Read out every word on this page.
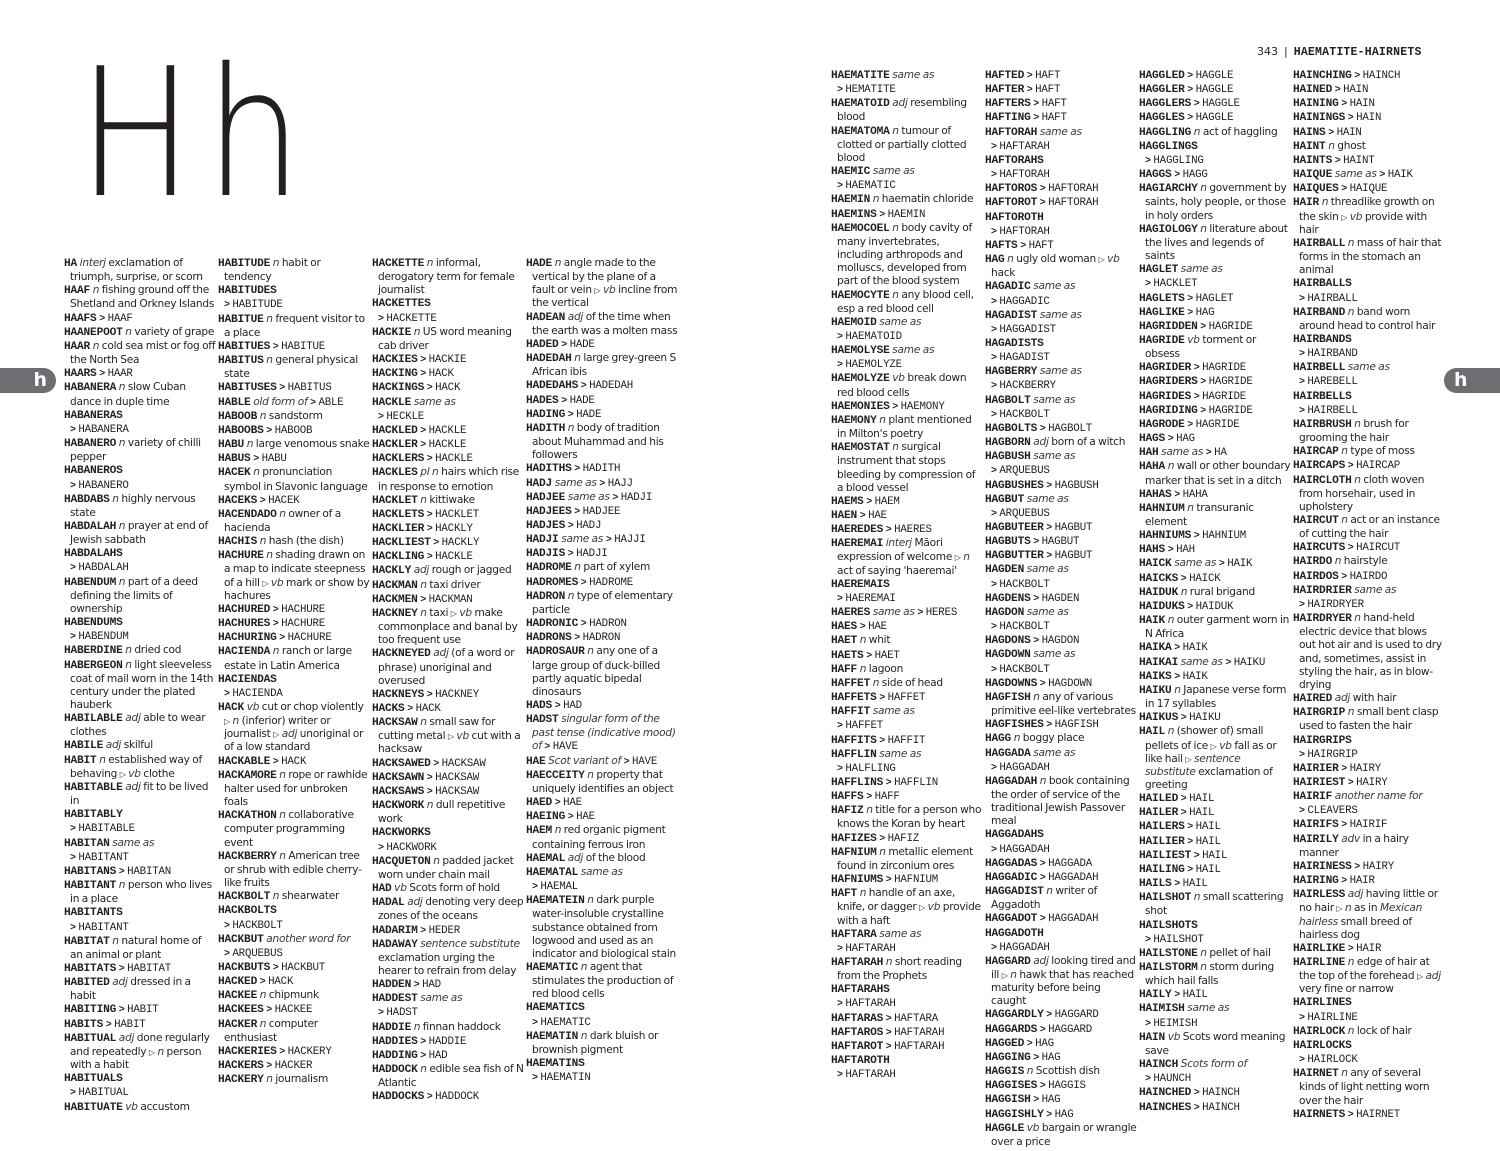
Hh
h	h
343 | HAEMATITE-HAIRNETS
HA interj exclamation of triumph, surprise, or scorn
HAAF n fishing ground off the Shetland and Orkney Islands
HAAFS > HAAF
HAANEPOOT n variety of grape
HAAR n cold sea mist or fog off the North Sea
HAARS > HAAR
HABANERA n slow Cuban dance in duple time
HABANERAS
> HABANERA
HABANERO n variety of chilli pepper
HABANEROS
> HABANERO
HABDABS n highly nervous state
HABDALAH n prayer at end of Jewish sabbath
HABDALAHS
> HABDALAH
HABENDUM n part of a deed defining the limits of ownership
HABENDUMS
> HABENDUM
HABERDINE n dried cod
HABERGEON n light sleeveless coat of mail worn in the 14th century under the plated hauberk
HABILABLE adj able to wear clothes
HABILE adj skilful
HABIT n established way of behaving ▷ vb clothe
HABITABLE adj fit to be lived in
HABITABLY
> HABITABLE
HABITAN same as
> HABITANT
HABITANS > HABITAN
HABITANT n person who lives in a place
HABITANTS
> HABITANT
HABITAT n natural home of an animal or plant
HABITATS > HABITAT
HABITED adj dressed in a habit
HABITING > HABIT
HABITS > HABIT
HABITUAL adj done regularly and repeatedly ▷ n person with a habit
HABITUALS
> HABITUAL
HABITUATE vb accustom
HABITUDE n habit or tendency
HABITUDES
> HABITUDE
HABITUE n frequent visitor to a place
HABITUES > HABITUE
HABITUS n general physical state
HABITUSES > HABITUS
HABLE old form of > ABLE
HABOOB n sandstorm
HABOOBS > HABOOB
HABU n large venomous snake
HABUS > HABU
HACEK n pronunciation symbol in Slavonic language
HACEKS > HACEK
HACENDADO n owner of a hacienda
HACHIS n hash (the dish)
HACHURE n shading drawn on a map to indicate steepness of a hill ▷ vb mark or show by hachures
HACHURED > HACHURE
HACHURES > HACHURE
HACHURING > HACHURE
HACIENDA n ranch or large estate in Latin America
HACIENDAS
> HACIENDA
HACK vb cut or chop violently ▷ n (inferior) writer or journalist ▷ adj unoriginal or of a low standard
HACKABLE > HACK
HACKAMORE n rope or rawhide halter used for unbroken foals
HACKATHON n collaborative computer programming event
HACKBERRY n American tree or shrub with edible cherry-like fruits
HACKBOLT n shearwater
HACKBOLTS
> HACKBOLT
HACKBUT another word for
> ARQUEBUS
HACKBUTS > HACKBUT
HACKED > HACK
HACKEE n chipmunk
HACKEES > HACKEE
HACKER n computer enthusiast
HACKERIES > HACKERY
HACKERS > HACKER
HACKERY n journalism
HACKETTE n informal, derogatory term for female journalist
HACKETTES
> HACKETTE
HACKIE n US word meaning cab driver
HACKIES > HACKIE
HACKING > HACK
HACKINGS > HACK
HACKLE same as
> HECKLE
HACKLED > HACKLE
HACKLER > HACKLE
HACKLERS > HACKLE
HACKLES pl n hairs which rise in response to emotion
HACKLET n kittiwake
HACKLETS > HACKLET
HACKLIER > HACKLY
HACKLIEST > HACKLY
HACKLING > HACKLE
HACKLY adj rough or jagged
HACKMAN n taxi driver
HACKMEN > HACKMAN
HACKNEY n taxi ▷ vb make commonplace and banal by too frequent use
HACKNEYED adj (of a word or phrase) unoriginal and overused
HACKNEYS > HACKNEY
HACKS > HACK
HACKSAW n small saw for cutting metal ▷ vb cut with a hacksaw
HACKSAWED > HACKSAW
HACKSAWN > HACKSAW
HACKSAWS > HACKSAW
HACKWORK n dull repetitive work
HACKWORKS
> HACKWORK
HACQUETON n padded jacket worn under chain mail
HAD vb Scots form of hold
HADAL adj denoting very deep zones of the oceans
HADARIM > HEDER
HADAWAY sentence substitute exclamation urging the hearer to refrain from delay
HADDEN > HAD
HADDEST same as
> HADST
HADDIE n finnan haddock
HADDIES > HADDIE
HADDING > HAD
HADDOCK n edible sea fish of N Atlantic
HADDOCKS > HADDOCK
HADE n angle made to the vertical by the plane of a fault or vein ▷ vb incline from the vertical
HADEAN adj of the time when the earth was a molten mass
HADED > HADE
HADEDAH n large grey-green S African ibis
HADEDAHS > HADEDAH
HADES > HADE
HADING > HADE
HADITH n body of tradition about Muhammad and his followers
HADITHS > HADITH
HADJ same as > HAJJ
HADJEE same as > HADJI
HADJEES > HADJEE
HADJES > HADJ
HADJI same as > HAJJI
HADJIS > HADJI
HADROME n part of xylem
HADROMES > HADROME
HADRON n type of elementary particle
HADRONIC > HADRON
HADRONS > HADRON
HADROSAUR n any one of a large group of duck-billed partly aquatic bipedal dinosaurs
HADS > HAD
HADST singular form of the past tense (indicative mood) of > HAVE
HAE Scot variant of > HAVE
HAECCEITY n property that uniquely identifies an object
HAED > HAE
HAEING > HAE
HAEM n red organic pigment containing ferrous iron
HAEMAL adj of the blood
HAEMATAL same as
> HAEMAL
HAEMATEIN n dark purple water-insoluble crystalline substance obtained from logwood and used as an indicator and biological stain
HAEMATIC n agent that stimulates the production of red blood cells
HAEMATICS
> HAEMATIC
HAEMATIN n dark bluish or brownish pigment
HAEMATINS
> HAEMATIN
HAEMATITE same as
> HEMATITE
HAEMATOID adj resembling blood
HAEMATOMA n tumour of clotted or partially clotted blood
HAEMIC same as
> HAEMATIC
HAEMIN n haematin chloride
HAEMINS > HAEMIN
HAEMOCOEL n body cavity of many invertebrates, including arthropods and molluscs, developed from part of the blood system
HAEMOCYTE n any blood cell, esp a red blood cell
HAEMOID same as
> HAEMATOID
HAEMOLYSE same as
> HAEMOLYZE
HAEMOLYZE vb break down red blood cells
HAEMONIES > HAEMONY
HAEMONY n plant mentioned in Milton's poetry
HAEMOSTAT n surgical instrument that stops bleeding by compression of a blood vessel
HAEMS > HAEM
HAEN > HAE
HAEREDES > HAERES
HAEREMAI interj Māori expression of welcome ▷ n act of saying 'haeremai'
HAEREMAIS
> HAEREMAI
HAERES same as > HERES
HAES > HAE
HAET n whit
HAETS > HAET
HAFF n lagoon
HAFFET n side of head
HAFFETS > HAFFET
HAFFIT same as
> HAFFET
HAFFITS > HAFFIT
HAFFLIN same as
> HALFLING
HAFFLINS > HAFFLIN
HAFFS > HAFF
HAFIZ n title for a person who knows the Koran by heart
HAFIZES > HAFIZ
HAFNIUM n metallic element found in zirconium ores
HAFNIUMS > HAFNIUM
HAFT n handle of an axe, knife, or dagger ▷ vb provide with a haft
HAFTARA same as
> HAFTARAH
HAFTARAH n short reading from the Prophets
HAFTARAHS
> HAFTARAH
HAFTARAS > HAFTARA
HAFTAROS > HAFTARAH
HAFTAROT > HAFTARAH
HAFTAROTH
> HAFTARAH
HAFTED > HAFT
HAFTER > HAFT
HAFTERS > HAFT
HAFTING > HAFT
HAFTORAH same as
> HAFTARAH
HAFTORAHS
> HAFTORAH
HAFTOROS > HAFTORAH
HAFTOROT > HAFTORAH
HAFTOROTH
> HAFTORAH
HAFTS > HAFT
HAG n ugly old woman ▷ vb hack
HAGADIC same as
> HAGGADIC
HAGADIST same as
> HAGGADIST
HAGADISTS
> HAGADIST
HAGBERRY same as
> HACKBERRY
HAGBOLT same as
> HACKBOLT
HAGBOLTS > HAGBOLT
HAGBORN adj born of a witch
HAGBUSH same as
> ARQUEBUS
HAGBUSHES > HAGBUSH
HAGBUT same as
> ARQUEBUS
HAGBUTEER > HAGBUT
HAGBUTS > HAGBUT
HAGBUTTER > HAGBUT
HAGDEN same as
> HACKBOLT
HAGDENS > HAGDEN
HAGDON same as
> HACKBOLT
HAGDONS > HAGDON
HAGDOWN same as
> HACKBOLT
HAGDOWNS > HAGDOWN
HAGFISH n any of various primitive eel-like vertebrates
HAGFISHES > HAGFISH
HAGG n boggy place
HAGGADA same as
> HAGGADAH
HAGGADAH n book containing the order of service of the traditional Jewish Passover meal
HAGGADAHS
> HAGGADAH
HAGGADAS > HAGGADA
HAGGADIC > HAGGADAH
HAGGADIST n writer of Aggadoth
HAGGADOT > HAGGADAH
HAGGADOTH
> HAGGADAH
HAGGARD adj looking tired and ill ▷ n hawk that has reached maturity before being caught
HAGGARDLY > HAGGARD
HAGGARDS > HAGGARD
HAGGED > HAG
HAGGING > HAG
HAGGIS n Scottish dish
HAGGISES > HAGGIS
HAGGISH > HAG
HAGGISHLY > HAG
HAGGLE vb bargain or wrangle over a price
HAGGLED > HAGGLE
HAGGLER > HAGGLE
HAGGLERS > HAGGLE
HAGGLES > HAGGLE
HAGGLING n act of haggling
HAGGLINGS
> HAGGLING
HAGGS > HAGG
HAGIARCHY n government by saints, holy people, or those in holy orders
HAGIOLOGY n literature about the lives and legends of saints
HAGLET same as
> HACKLET
HAGLETS > HAGLET
HAGLIKE > HAG
HAGRIDDEN > HAGRIDE
HAGRIDE vb torment or obsess
HAGRIDER > HAGRIDE
HAGRIDERS > HAGRIDE
HAGRIDES > HAGRIDE
HAGRIDING > HAGRIDE
HAGRODE > HAGRIDE
HAGS > HAG
HAH same as > HA
HAHA n wall or other boundary marker that is set in a ditch
HAHAS > HAHA
HAHNIUM n transuranic element
HAHNIUMS > HAHNIUM
HAHS > HAH
HAICK same as > HAIK
HAICKS > HAICK
HAIDUK n rural brigand
HAIDUKS > HAIDUK
HAIK n outer garment worn in N Africa
HAIKA > HAIK
HAIKAI same as > HAIKU
HAIKS > HAIK
HAIKU n Japanese verse form in 17 syllables
HAIKUS > HAIKU
HAIL n (shower of) small pellets of ice ▷ vb fall as or like hail ▷ sentence substitute exclamation of greeting
HAILED > HAIL
HAILER > HAIL
HAILERS > HAIL
HAILIER > HAIL
HAILIEST > HAIL
HAILING > HAIL
HAILS > HAIL
HAILSHOT n small scattering shot
HAILSHOTS
> HAILSHOT
HAILSTONE n pellet of hail
HAILSTORM n storm during which hail falls
HAILY > HAIL
HAIMISH same as
> HEIMISH
HAIN vb Scots word meaning save
HAINCH Scots form of
> HAUNCH
HAINCHED > HAINCH
HAINCHES > HAINCH
HAINCHING > HAINCH
HAINED > HAIN
HAINING > HAIN
HAININGS > HAIN
HAINS > HAIN
HAINT n ghost
HAINTS > HAINT
HAIQUE same as > HAIK
HAIQUES > HAIQUE
HAIR n threadlike growth on the skin ▷ vb provide with hair
HAIRBALL n mass of hair that forms in the stomach an animal
HAIRBALLS
> HAIRBALL
HAIRBAND n band worn around head to control hair
HAIRBANDS
> HAIRBAND
HAIRBELL same as
> HAREBELL
HAIRBELLS
> HAIRBELL
HAIRBRUSH n brush for grooming the hair
HAIRCAP n type of moss
HAIRCAPS > HAIRCAP
HAIRCLOTH n cloth woven from horsehair, used in upholstery
HAIRCUT n act or an instance of cutting the hair
HAIRCUTS > HAIRCUT
HAIRDO n hairstyle
HAIRDOS > HAIRDO
HAIRDRIER same as
> HAIRDRYER
HAIRDRYER n hand-held electric device that blows out hot air and is used to dry and, sometimes, assist in styling the hair, as in blow-drying
HAIRED adj with hair
HAIRGRIP n small bent clasp used to fasten the hair
HAIRGRIPS
> HAIRGRIP
HAIRIER > HAIRY
HAIRIEST > HAIRY
HAIRIF another name for
> CLEAVERS
HAIRIFS > HAIRIF
HAIRILY adv in a hairy manner
HAIRINESS > HAIRY
HAIRING > HAIR
HAIRLESS adj having little or no hair ▷ n as in Mexican hairless small breed of hairless dog
HAIRLIKE > HAIR
HAIRLINE n edge of hair at the top of the forehead ▷ adj very fine or narrow
HAIRLINES
> HAIRLINE
HAIRLOCK n lock of hair
HAIRLOCKS
> HAIRLOCK
HAIRNET n any of several kinds of light netting worn over the hair
HAIRNETS > HAIRNET
